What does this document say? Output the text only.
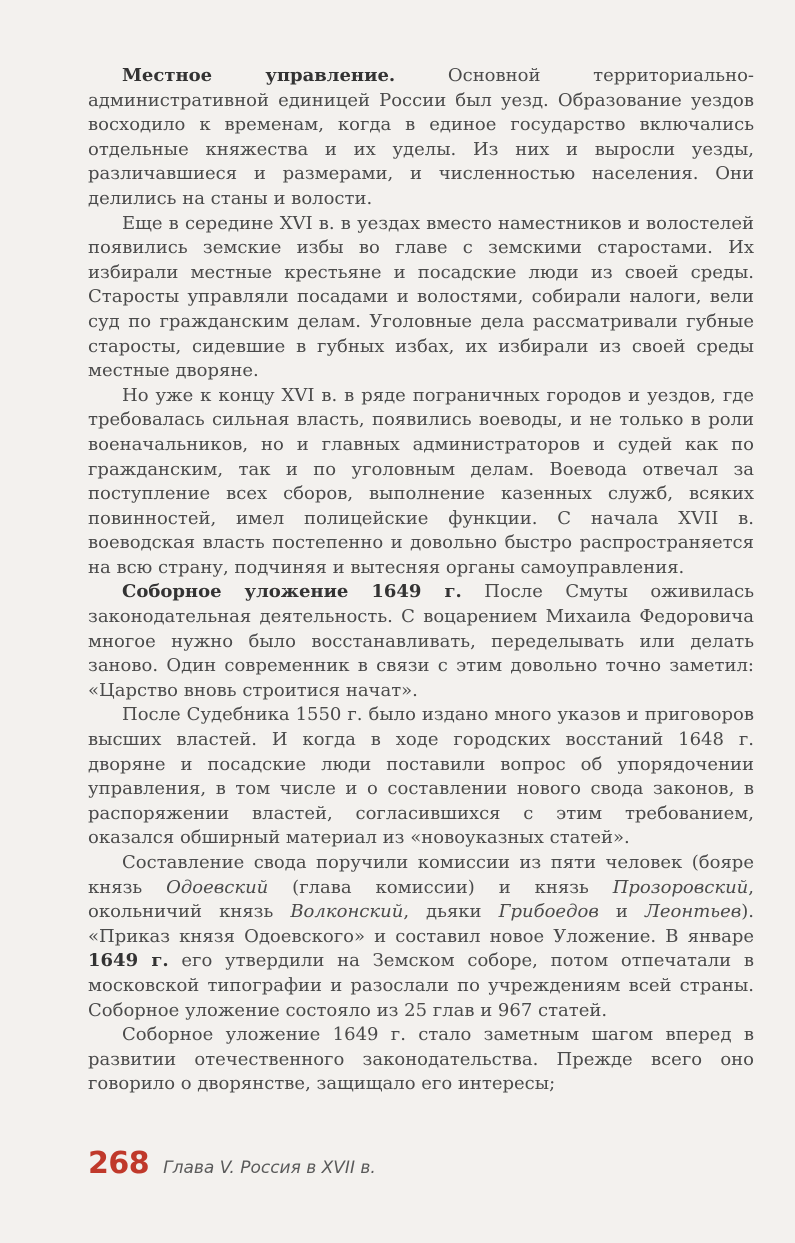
Местное управление. Основной территориально-административной единицей России был уезд. Образование уездов восходило к временам, когда в единое государство включались отдельные княжества и их уделы. Из них и выросли уезды, различавшиеся и размерами, и численностью населения. Они делились на станы и волости.

Еще в середине XVI в. в уездах вместо наместников и волостелей появились земские избы во главе с земскими старостами. Их избирали местные крестьяне и посадские люди из своей среды. Старосты управляли посадами и волостями, собирали налоги, вели суд по гражданским делам. Уголовные дела рассматривали губные старосты, сидевшие в губных избах, их избирали из своей среды местные дворяне.

Но уже к концу XVI в. в ряде пограничных городов и уездов, где требовалась сильная власть, появились воеводы, и не только в роли военачальников, но и главных администраторов и судей как по гражданским, так и по уголовным делам. Воевода отвечал за поступление всех сборов, выполнение казенных служб, всяких повинностей, имел полицейские функции. С начала XVII в. воеводская власть постепенно и довольно быстро распространяется на всю страну, подчиняя и вытесняя органы самоуправления.

Соборное уложение 1649 г. После Смуты оживилась законодательная деятельность. С воцарением Михаила Федоровича многое нужно было восстанавливать, переделывать или делать заново. Один современник в связи с этим довольно точно заметил: «Царство вновь строитися начат».

После Судебника 1550 г. было издано много указов и приговоров высших властей. И когда в ходе городских восстаний 1648 г. дворяне и посадские люди поставили вопрос об упорядочении управления, в том числе и о составлении нового свода законов, в распоряжении властей, согласившихся с этим требованием, оказался обширный материал из «новоуказных статей».

Составление свода поручили комиссии из пяти человек (бояре князь Одоевский (глава комиссии) и князь Прозоровский, окольничий князь Волконский, дьяки Грибоедов и Леонтьев). «Приказ князя Одоевского» и составил новое Уложение. В январе 1649 г. его утвердили на Земском соборе, потом отпечатали в московской типографии и разослали по учреждениям всей страны. Соборное уложение состояло из 25 глав и 967 статей.

Соборное уложение 1649 г. стало заметным шагом вперед в развитии отечественного законодательства. Прежде всего оно говорило о дворянстве, защищало его интересы;

268 Глава V. Россия в XVII в.
